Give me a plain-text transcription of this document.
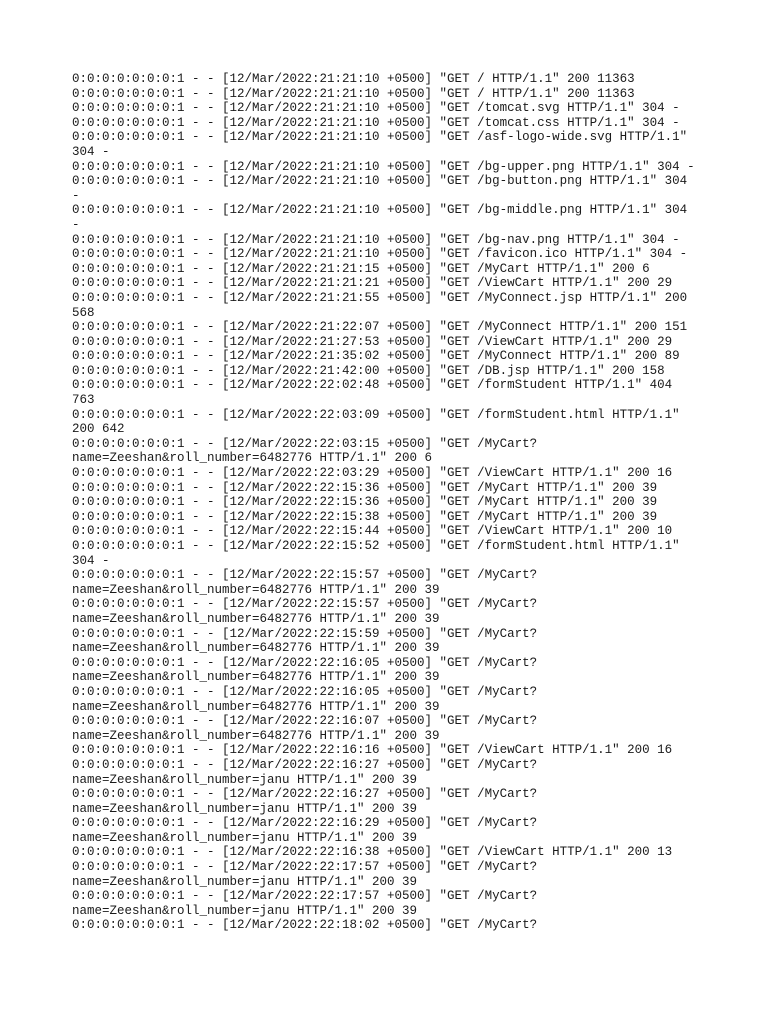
0:0:0:0:0:0:0:1 - - [12/Mar/2022:21:21:10 +0500] "GET / HTTP/1.1" 200 11363

0:0:0:0:0:0:0:1 - - [12/Mar/2022:21:21:10 +0500] "GET / HTTP/1.1" 200 11363

0:0:0:0:0:0:0:1 - - [12/Mar/2022:21:21:10 +0500] "GET /tomcat.svg HTTP/1.1" 304 -

0:0:0:0:0:0:0:1 - - [12/Mar/2022:21:21:10 +0500] "GET /tomcat.css HTTP/1.1" 304 -

0:0:0:0:0:0:0:1 - - [12/Mar/2022:21:21:10 +0500] "GET /asf-logo-wide.svg HTTP/1.1"
304 -

0:0:0:0:0:0:0:1 - - [12/Mar/2022:21:21:10 +0500] "GET /bg-upper.png HTTP/1.1" 304 -

0:0:0:0:0:0:0:1 - - [12/Mar/2022:21:21:10 +0500] "GET /bg-button.png HTTP/1.1" 304
-

0:0:0:0:0:0:0:1 - - [12/Mar/2022:21:21:10 +0500] "GET /bg-middle.png HTTP/1.1" 304
-

0:0:0:0:0:0:0:1 - - [12/Mar/2022:21:21:10 +0500] "GET /bg-nav.png HTTP/1.1" 304 -

0:0:0:0:0:0:0:1 - - [12/Mar/2022:21:21:10 +0500] "GET /favicon.ico HTTP/1.1" 304 -

0:0:0:0:0:0:0:1 - - [12/Mar/2022:21:21:15 +0500] "GET /MyCart HTTP/1.1" 200 6

0:0:0:0:0:0:0:1 - - [12/Mar/2022:21:21:21 +0500] "GET /ViewCart HTTP/1.1" 200 29

0:0:0:0:0:0:0:1 - - [12/Mar/2022:21:21:55 +0500] "GET /MyConnect.jsp HTTP/1.1" 200
568

0:0:0:0:0:0:0:1 - - [12/Mar/2022:21:22:07 +0500] "GET /MyConnect HTTP/1.1" 200 151

0:0:0:0:0:0:0:1 - - [12/Mar/2022:21:27:53 +0500] "GET /ViewCart HTTP/1.1" 200 29

0:0:0:0:0:0:0:1 - - [12/Mar/2022:21:35:02 +0500] "GET /MyConnect HTTP/1.1" 200 89

0:0:0:0:0:0:0:1 - - [12/Mar/2022:21:42:00 +0500] "GET /DB.jsp HTTP/1.1" 200 158

0:0:0:0:0:0:0:1 - - [12/Mar/2022:22:02:48 +0500] "GET /formStudent HTTP/1.1" 404
763

0:0:0:0:0:0:0:1 - - [12/Mar/2022:22:03:09 +0500] "GET /formStudent.html HTTP/1.1"
200 642

0:0:0:0:0:0:0:1 - - [12/Mar/2022:22:03:15 +0500] "GET /MyCart?
name=Zeeshan&roll_number=6482776 HTTP/1.1" 200 6

0:0:0:0:0:0:0:1 - - [12/Mar/2022:22:03:29 +0500] "GET /ViewCart HTTP/1.1" 200 16

0:0:0:0:0:0:0:1 - - [12/Mar/2022:22:15:36 +0500] "GET /MyCart HTTP/1.1" 200 39

0:0:0:0:0:0:0:1 - - [12/Mar/2022:22:15:36 +0500] "GET /MyCart HTTP/1.1" 200 39

0:0:0:0:0:0:0:1 - - [12/Mar/2022:22:15:38 +0500] "GET /MyCart HTTP/1.1" 200 39

0:0:0:0:0:0:0:1 - - [12/Mar/2022:22:15:44 +0500] "GET /ViewCart HTTP/1.1" 200 10

0:0:0:0:0:0:0:1 - - [12/Mar/2022:22:15:52 +0500] "GET /formStudent.html HTTP/1.1"
304 -

0:0:0:0:0:0:0:1 - - [12/Mar/2022:22:15:57 +0500] "GET /MyCart?
name=Zeeshan&roll_number=6482776 HTTP/1.1" 200 39

0:0:0:0:0:0:0:1 - - [12/Mar/2022:22:15:57 +0500] "GET /MyCart?
name=Zeeshan&roll_number=6482776 HTTP/1.1" 200 39

0:0:0:0:0:0:0:1 - - [12/Mar/2022:22:15:59 +0500] "GET /MyCart?
name=Zeeshan&roll_number=6482776 HTTP/1.1" 200 39

0:0:0:0:0:0:0:1 - - [12/Mar/2022:22:16:05 +0500] "GET /MyCart?
name=Zeeshan&roll_number=6482776 HTTP/1.1" 200 39

0:0:0:0:0:0:0:1 - - [12/Mar/2022:22:16:05 +0500] "GET /MyCart?
name=Zeeshan&roll_number=6482776 HTTP/1.1" 200 39

0:0:0:0:0:0:0:1 - - [12/Mar/2022:22:16:07 +0500] "GET /MyCart?
name=Zeeshan&roll_number=6482776 HTTP/1.1" 200 39

0:0:0:0:0:0:0:1 - - [12/Mar/2022:22:16:16 +0500] "GET /ViewCart HTTP/1.1" 200 16

0:0:0:0:0:0:0:1 - - [12/Mar/2022:22:16:27 +0500] "GET /MyCart?
name=Zeeshan&roll_number=janu HTTP/1.1" 200 39

0:0:0:0:0:0:0:1 - - [12/Mar/2022:22:16:27 +0500] "GET /MyCart?
name=Zeeshan&roll_number=janu HTTP/1.1" 200 39

0:0:0:0:0:0:0:1 - - [12/Mar/2022:22:16:29 +0500] "GET /MyCart?
name=Zeeshan&roll_number=janu HTTP/1.1" 200 39

0:0:0:0:0:0:0:1 - - [12/Mar/2022:22:16:38 +0500] "GET /ViewCart HTTP/1.1" 200 13

0:0:0:0:0:0:0:1 - - [12/Mar/2022:22:17:57 +0500] "GET /MyCart?
name=Zeeshan&roll_number=janu HTTP/1.1" 200 39

0:0:0:0:0:0:0:1 - - [12/Mar/2022:22:17:57 +0500] "GET /MyCart?
name=Zeeshan&roll_number=janu HTTP/1.1" 200 39

0:0:0:0:0:0:0:1 - - [12/Mar/2022:22:18:02 +0500] "GET /MyCart?
